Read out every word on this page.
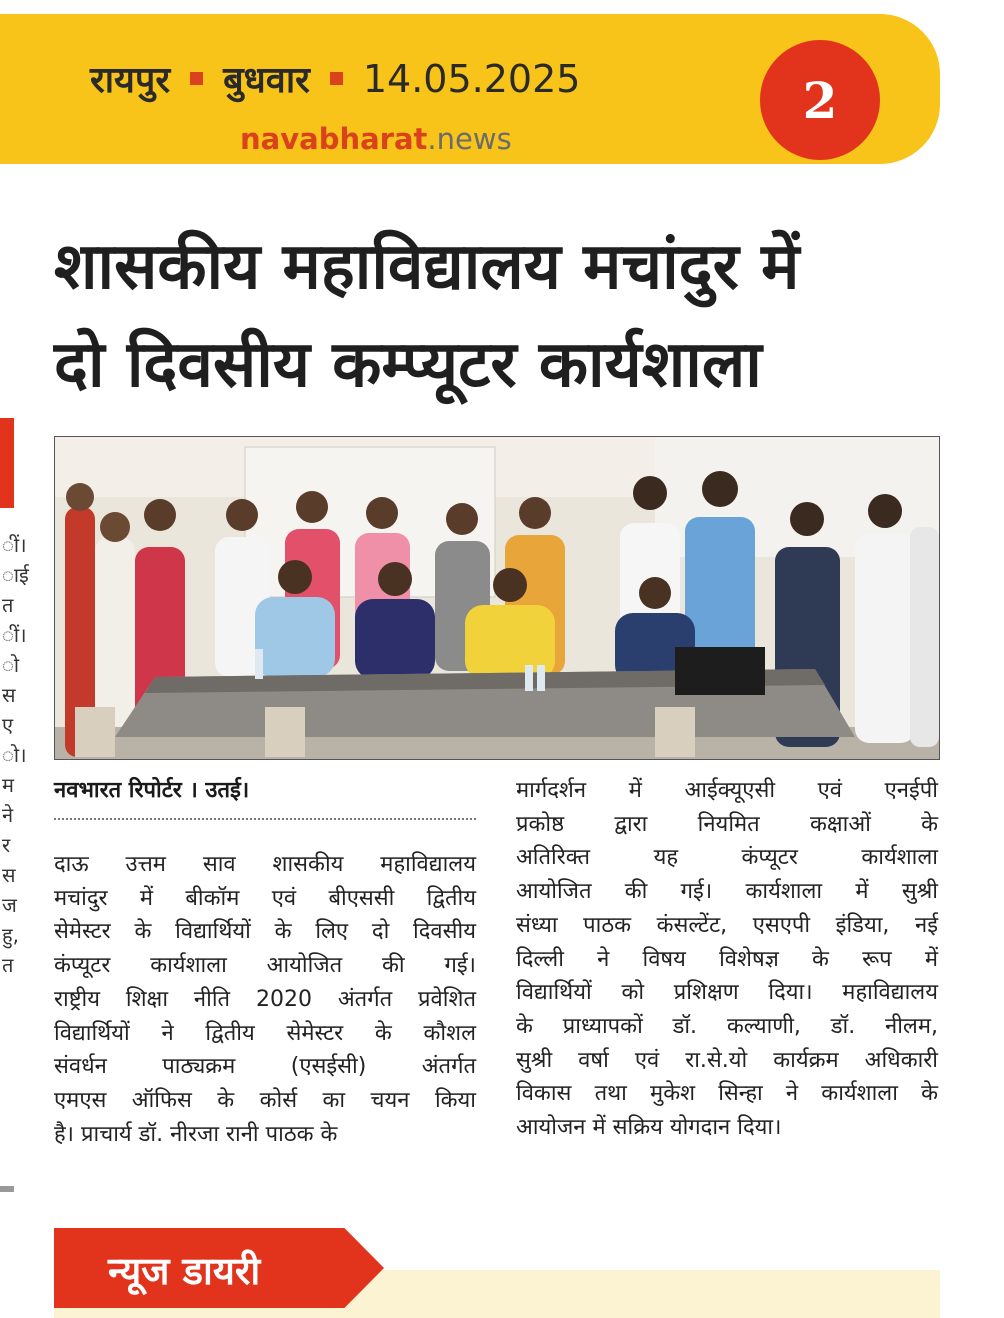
रायपुर बुधवार 14.05.2025
navabharat.news
2
शासकीय महाविद्यालय मचांदुर में
दो दिवसीय कम्प्यूटर कार्यशाला
ीं।
ाई
त
ीं।
ो
स
ए
ो।
म
ने
र
स
ज
हु,
त
नवभारत रिपोर्टर । उतई।
दाऊ उत्तम साव शासकीय महाविद्यालय
मचांदुर में बीकॉम एवं बीएससी द्वितीय
सेमेस्टर के विद्यार्थियों के लिए दो दिवसीय
कंप्यूटर कार्यशाला आयोजित की गई।
राष्ट्रीय शिक्षा नीति 2020 अंतर्गत प्रवेशित
विद्यार्थियों ने द्वितीय सेमेस्टर के कौशल
संवर्धन पाठ्यक्रम (एसईसी) अंतर्गत
एमएस ऑफिस के कोर्स का चयन किया
है। प्राचार्य डॉ. नीरजा रानी पाठक के
मार्गदर्शन में आईक्यूएसी एवं एनईपी
प्रकोष्ठ द्वारा नियमित कक्षाओं के
अतिरिक्त यह कंप्यूटर कार्यशाला
आयोजित की गई। कार्यशाला में सुश्री
संध्या पाठक कंसल्टेंट, एसएपी इंडिया, नई
दिल्ली ने विषय विशेषज्ञ के रूप में
विद्यार्थियों को प्रशिक्षण दिया। महाविद्यालय
के प्राध्यापकों डॉ. कल्याणी, डॉ. नीलम,
सुश्री वर्षा एवं रा.से.यो कार्यक्रम अधिकारी
विकास तथा मुकेश सिन्हा ने कार्यशाला के
आयोजन में सक्रिय योगदान दिया।
न्यूज डायरी
